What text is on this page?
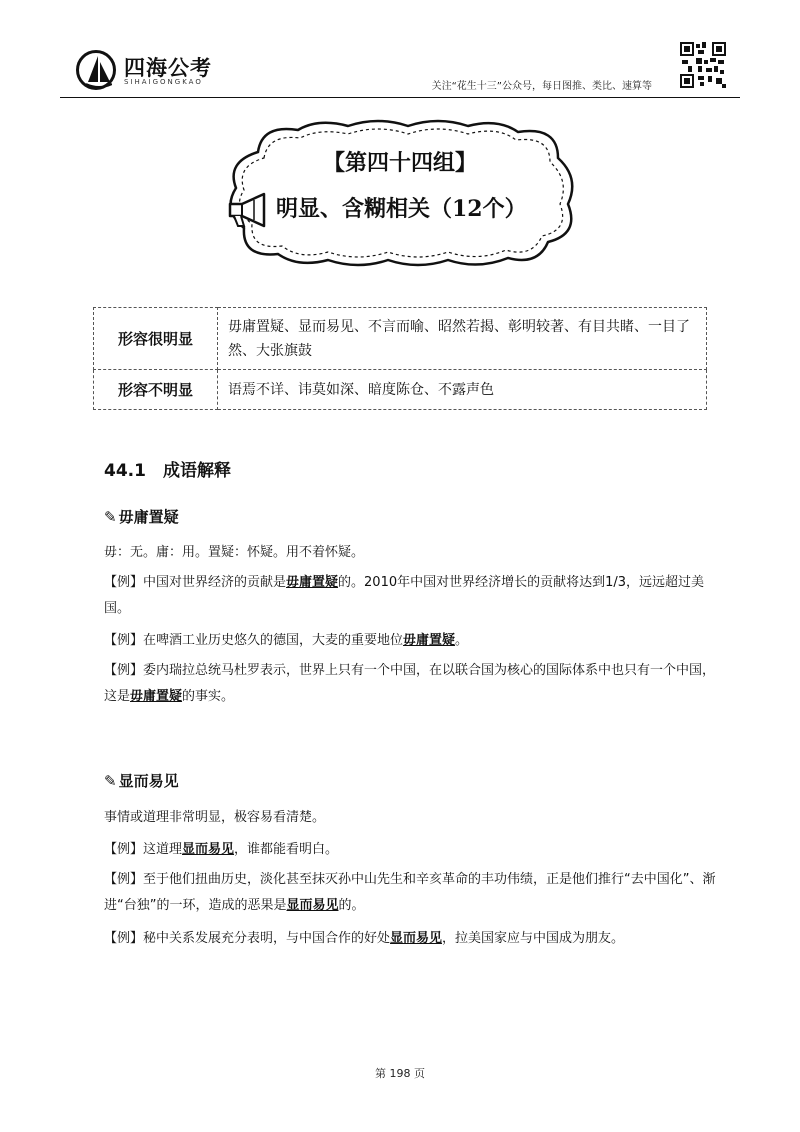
四海公考
SIHAIGONGKAO	关注“花生十三”公众号，每日图推、类比、速算等
【第四十四组】
明显、含糊相关（12个）
形容很明显	毋庸置疑、显而易见、不言而喻、昭然若揭、彰明较著、有目共睹、一目了然、大张旗鼓
形容不明显	语焉不详、讳莫如深、暗度陈仓、不露声色
44.1　成语解释
✎ 毋庸置疑
毋：无。庸：用。置疑：怀疑。用不着怀疑。
【例】中国对世界经济的贡献是毋庸置疑的。2010年中国对世界经济增长的贡献将达到1/3，远远超过美国。
【例】在啤酒工业历史悠久的德国，大麦的重要地位毋庸置疑。
【例】委内瑞拉总统马杜罗表示，世界上只有一个中国，在以联合国为核心的国际体系中也只有一个中国，这是毋庸置疑的事实。
✎ 显而易见
事情或道理非常明显，极容易看清楚。
【例】这道理显而易见，谁都能看明白。
【例】至于他们扭曲历史，淡化甚至抹灭孙中山先生和辛亥革命的丰功伟绩，正是他们推行“去中国化”、渐进“台独”的一环，造成的恶果是显而易见的。
【例】秘中关系发展充分表明，与中国合作的好处显而易见，拉美国家应与中国成为朋友。
第 198 页
